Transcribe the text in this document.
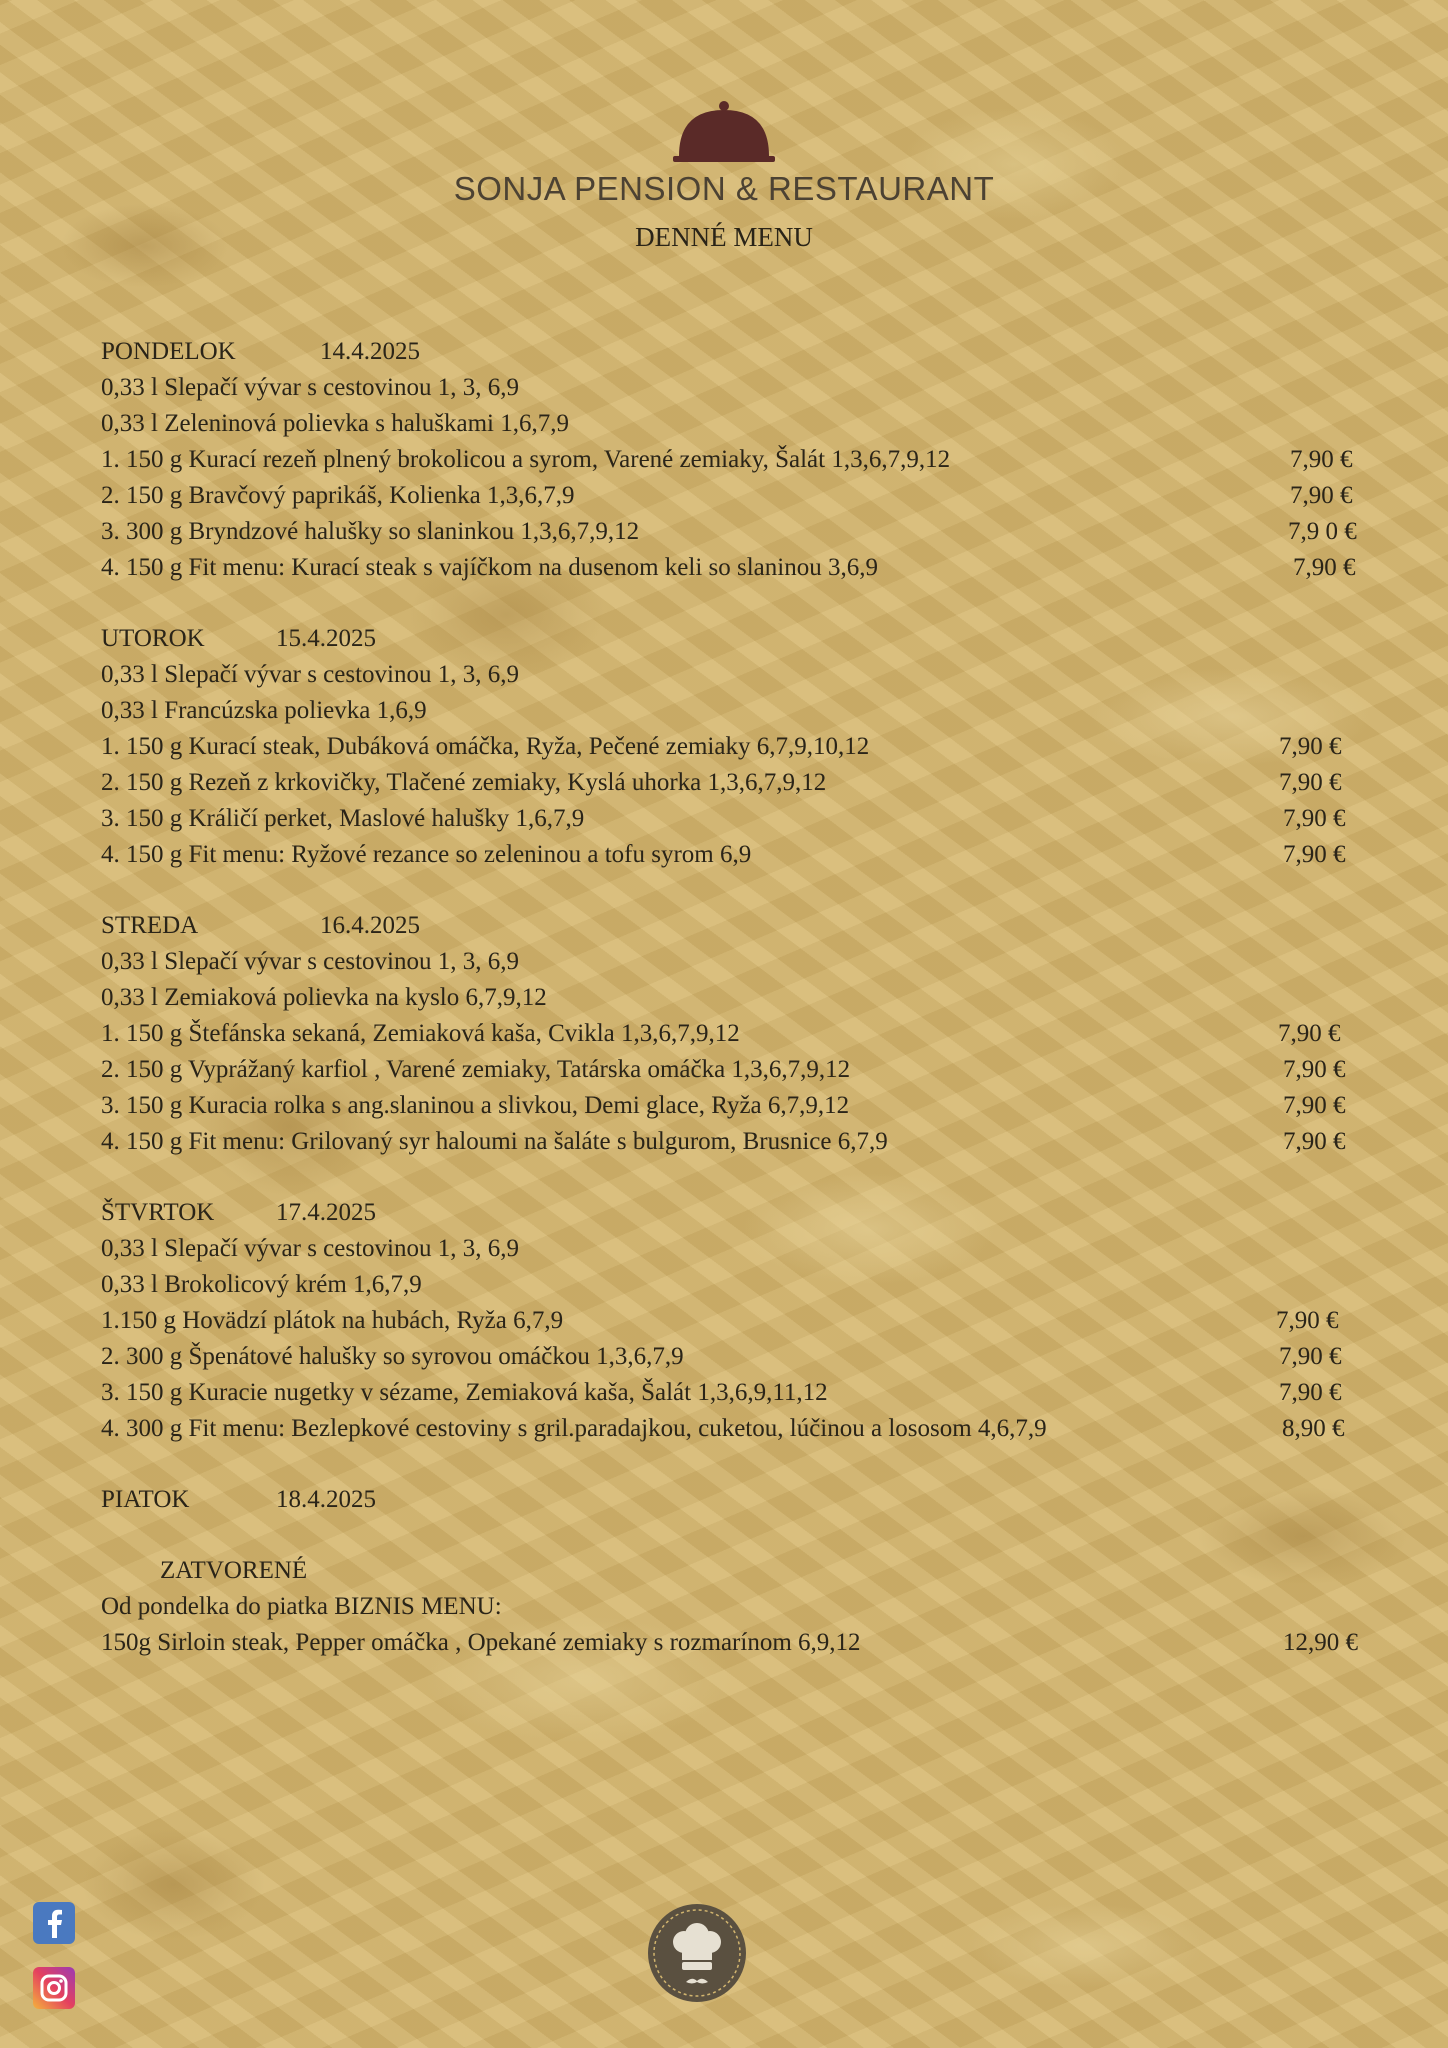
SONJA PENSION & RESTAURANT
DENNÉ MENU
PONDELOK	14.4.2025
0,33 l Slepačí vývar s cestovinou 1, 3, 6,9
0,33 l Zeleninová polievka s haluškami 1,6,7,9
1. 150 g Kurací rezeň plnený brokolicou a syrom, Varené zemiaky, Šalát 1,3,6,7,9,12	7,90 €
2. 150 g Bravčový paprikáš, Kolienka 1,3,6,7,9	7,90 €
3. 300 g Bryndzové halušky so slaninkou 1,3,6,7,9,12	7,9 0 €
4. 150 g Fit menu: Kurací steak s vajíčkom na dusenom keli so slaninou 3,6,9	7,90 €
UTOROK	15.4.2025
0,33 l Slepačí vývar s cestovinou 1, 3, 6,9
0,33 l Francúzska polievka 1,6,9
1. 150 g Kurací steak, Dubáková omáčka, Ryža, Pečené zemiaky 6,7,9,10,12	7,90 €
2. 150 g Rezeň z krkovičky, Tlačené zemiaky, Kyslá uhorka 1,3,6,7,9,12	7,90 €
3. 150 g Králičí perket, Maslové halušky 1,6,7,9	7,90 €
4. 150 g Fit menu: Ryžové rezance so zeleninou a tofu syrom 6,9	7,90 €
STREDA	16.4.2025
0,33 l Slepačí vývar s cestovinou 1, 3, 6,9
0,33 l Zemiaková polievka na kyslo 6,7,9,12
1. 150 g Štefánska sekaná, Zemiaková kaša, Cvikla 1,3,6,7,9,12	7,90 €
2. 150 g Vyprážaný karfiol , Varené zemiaky, Tatárska omáčka 1,3,6,7,9,12	7,90 €
3. 150 g Kuracia rolka s ang.slaninou a slivkou, Demi glace, Ryža 6,7,9,12	7,90 €
4. 150 g Fit menu: Grilovaný syr haloumi na šaláte s bulgurom, Brusnice 6,7,9	7,90 €
ŠTVRTOK 17.4.2025
0,33 l Slepačí vývar s cestovinou 1, 3, 6,9
0,33 l Brokolicový krém 1,6,7,9
1.150 g Hovädzí plátok na hubách, Ryža 6,7,9	7,90 €
2. 300 g Špenátové halušky so syrovou omáčkou 1,3,6,7,9	7,90 €
3. 150 g Kuracie nugetky v sézame, Zemiaková kaša, Šalát 1,3,6,9,11,12	7,90 €
4. 300 g Fit menu: Bezlepkové cestoviny s gril.paradajkou, cuketou, lúčinou a lososom 4,6,7,9	8,90 €
PIATOK	18.4.2025
ZATVORENÉ
Od pondelka do piatka BIZNIS MENU:
150g Sirloin steak, Pepper omáčka , Opekané zemiaky s rozmarínom 6,9,12	12,90 €
